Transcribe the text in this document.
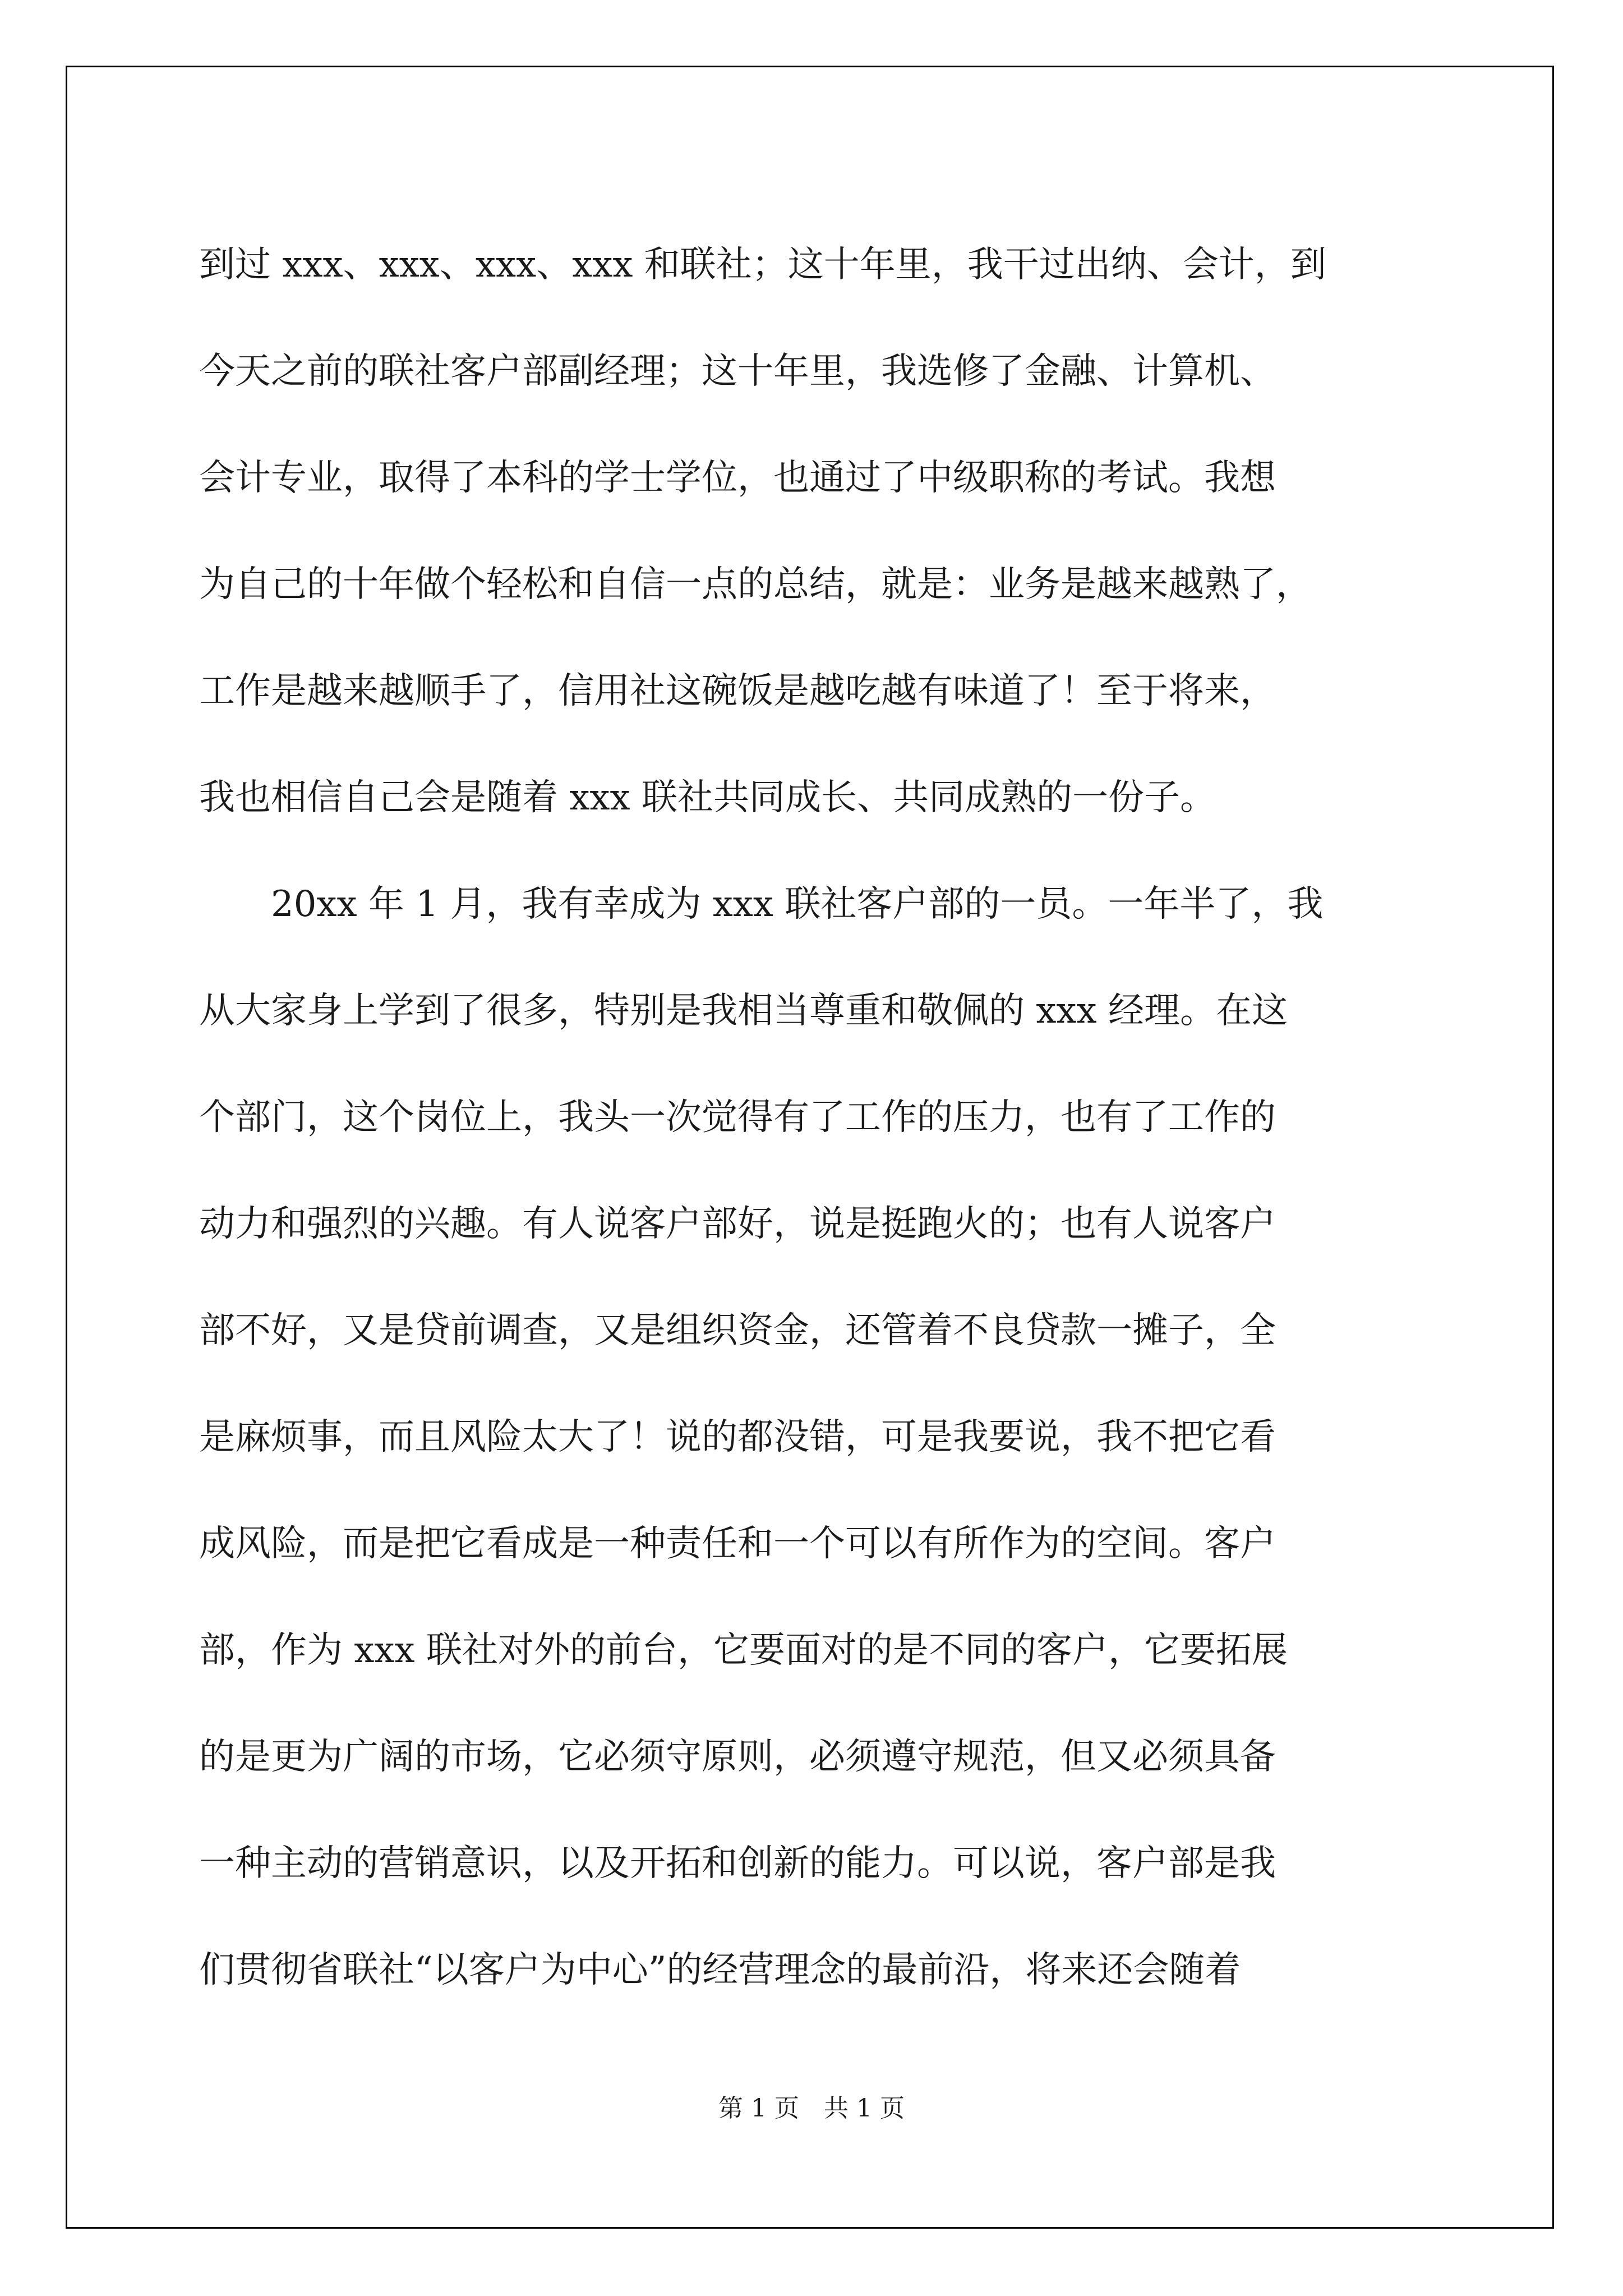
到过 xxx、xxx、xxx、xxx 和联社；这十年里，我干过出纳、会计，到
今天之前的联社客户部副经理；这十年里，我选修了金融、计算机、
会计专业，取得了本科的学士学位，也通过了中级职称的考试。我想
为自己的十年做个轻松和自信一点的总结，就是：业务是越来越熟了，
工作是越来越顺手了，信用社这碗饭是越吃越有味道了！至于将来，
我也相信自己会是随着 xxx 联社共同成长、共同成熟的一份子。
　　20xx 年 1 月，我有幸成为 xxx 联社客户部的一员。一年半了，我
从大家身上学到了很多，特别是我相当尊重和敬佩的 xxx 经理。在这
个部门，这个岗位上，我头一次觉得有了工作的压力，也有了工作的
动力和强烈的兴趣。有人说客户部好，说是挺跑火的；也有人说客户
部不好，又是贷前调查，又是组织资金，还管着不良贷款一摊子，全
是麻烦事，而且风险太大了！说的都没错，可是我要说，我不把它看
成风险，而是把它看成是一种责任和一个可以有所作为的空间。客户
部，作为 xxx 联社对外的前台，它要面对的是不同的客户，它要拓展
的是更为广阔的市场，它必须守原则，必须遵守规范，但又必须具备
一种主动的营销意识，以及开拓和创新的能力。可以说，客户部是我
们贯彻省联社“以客户为中心”的经营理念的最前沿，将来还会随着
第 1 页　共 1 页
